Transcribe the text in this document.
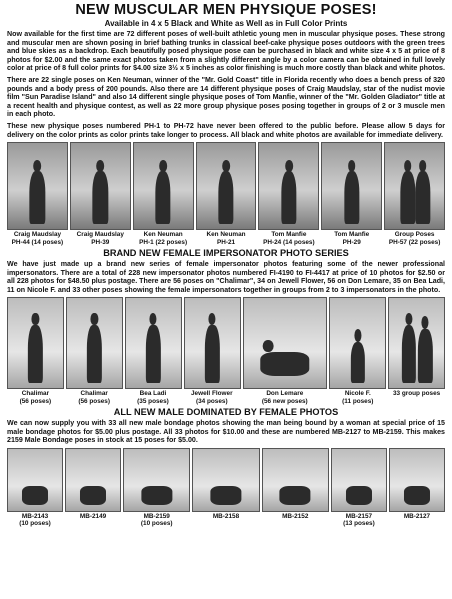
NEW MUSCULAR MEN PHYSIQUE POSES!
Available in 4 x 5 Black and White as Well as in Full Color Prints

Now available for the first time are 72 different poses of well-built athletic young men in muscular physique poses. These strong and muscular men are shown posing in brief bathing trunks in classical beef-cake physique poses outdoors with the green trees and blue skies as a backdrop. Each beautifully posed physique pose can be purchased in black and white size 4 x 5 at price of 8 photos for $2.00 and the same exact photos taken from a slightly different angle by a color camera can be obtained in full lovely color at price of 8 full color prints for $4.00 size 3½ x 5 inches as color finishing is much more costly than black and white photos.

There are 22 single poses on Ken Neuman, winner of the "Mr. Gold Coast" title in Florida recently who does a bench press of 320 pounds and a body press of 200 pounds. Also there are 14 different physique poses of Craig Maudslay, star of the nudist movie film "Sun Paradise Island" and also 14 different single physique poses of Tom Manfie, winner of the "Mr. Golden Gladiator" title at a recent health and physique contest, as well as 22 more group physique poses posing together in groups of 2 or 3 muscle men in each photo.

These new physique poses numbered PH-1 to PH-72 have never been offered to the public before. Please allow 5 days for delivery on the color prints as color prints take longer to process. All black and white photos are available for immediate delivery.

Craig Maudslay
PH-44 (14 poses)
Craig Maudslay
PH-39
Ken Neuman
PH-1 (22 poses)
Ken Neuman
PH-21
Tom Manfie
PH-24 (14 poses)
Tom Manfie
PH-29
Group Poses
PH-57 (22 poses)
BRAND NEW FEMALE IMPERSONATOR PHOTO SERIES

We have just made up a brand new series of female impersonator photos featuring some of the newer professional impersonators. There are a total of 228 new impersonator photos numbered FI-4190 to FI-4417 at price of 10 photos for $2.50 or all 228 photos for $48.50 plus postage. There are 56 poses on "Chalimar", 34 on Jewell Flower, 56 on Don Lemare, 35 on Bea Ladi, 11 on Nicole F. and 33 other poses showing the female impersonators together in groups from 2 to 3 impersonators in the photo.

Chalimar
(56 poses)
Chalimar
(56 poses)
Bea Ladi
(35 poses)
Jewell Flower
(34 poses)
Don Lemare
(56 new poses)
Nicole F.
(11 poses)
33 group poses
ALL NEW MALE DOMINATED BY FEMALE PHOTOS

We can now supply you with 33 all new male bondage photos showing the man being bound by a woman at special price of 15 male bondage photos for $5.00 plus postage. All 33 photos for $10.00 and these are numbered MB-2127 to MB-2159. This makes 2159 Male Bondage poses in stock at 15 poses for $5.00.

MB-2143
(10 poses)
MB-2149	MB-2159
(10 poses)
MB-2158	MB-2152	MB-2157
(13 poses)
MB-2127
